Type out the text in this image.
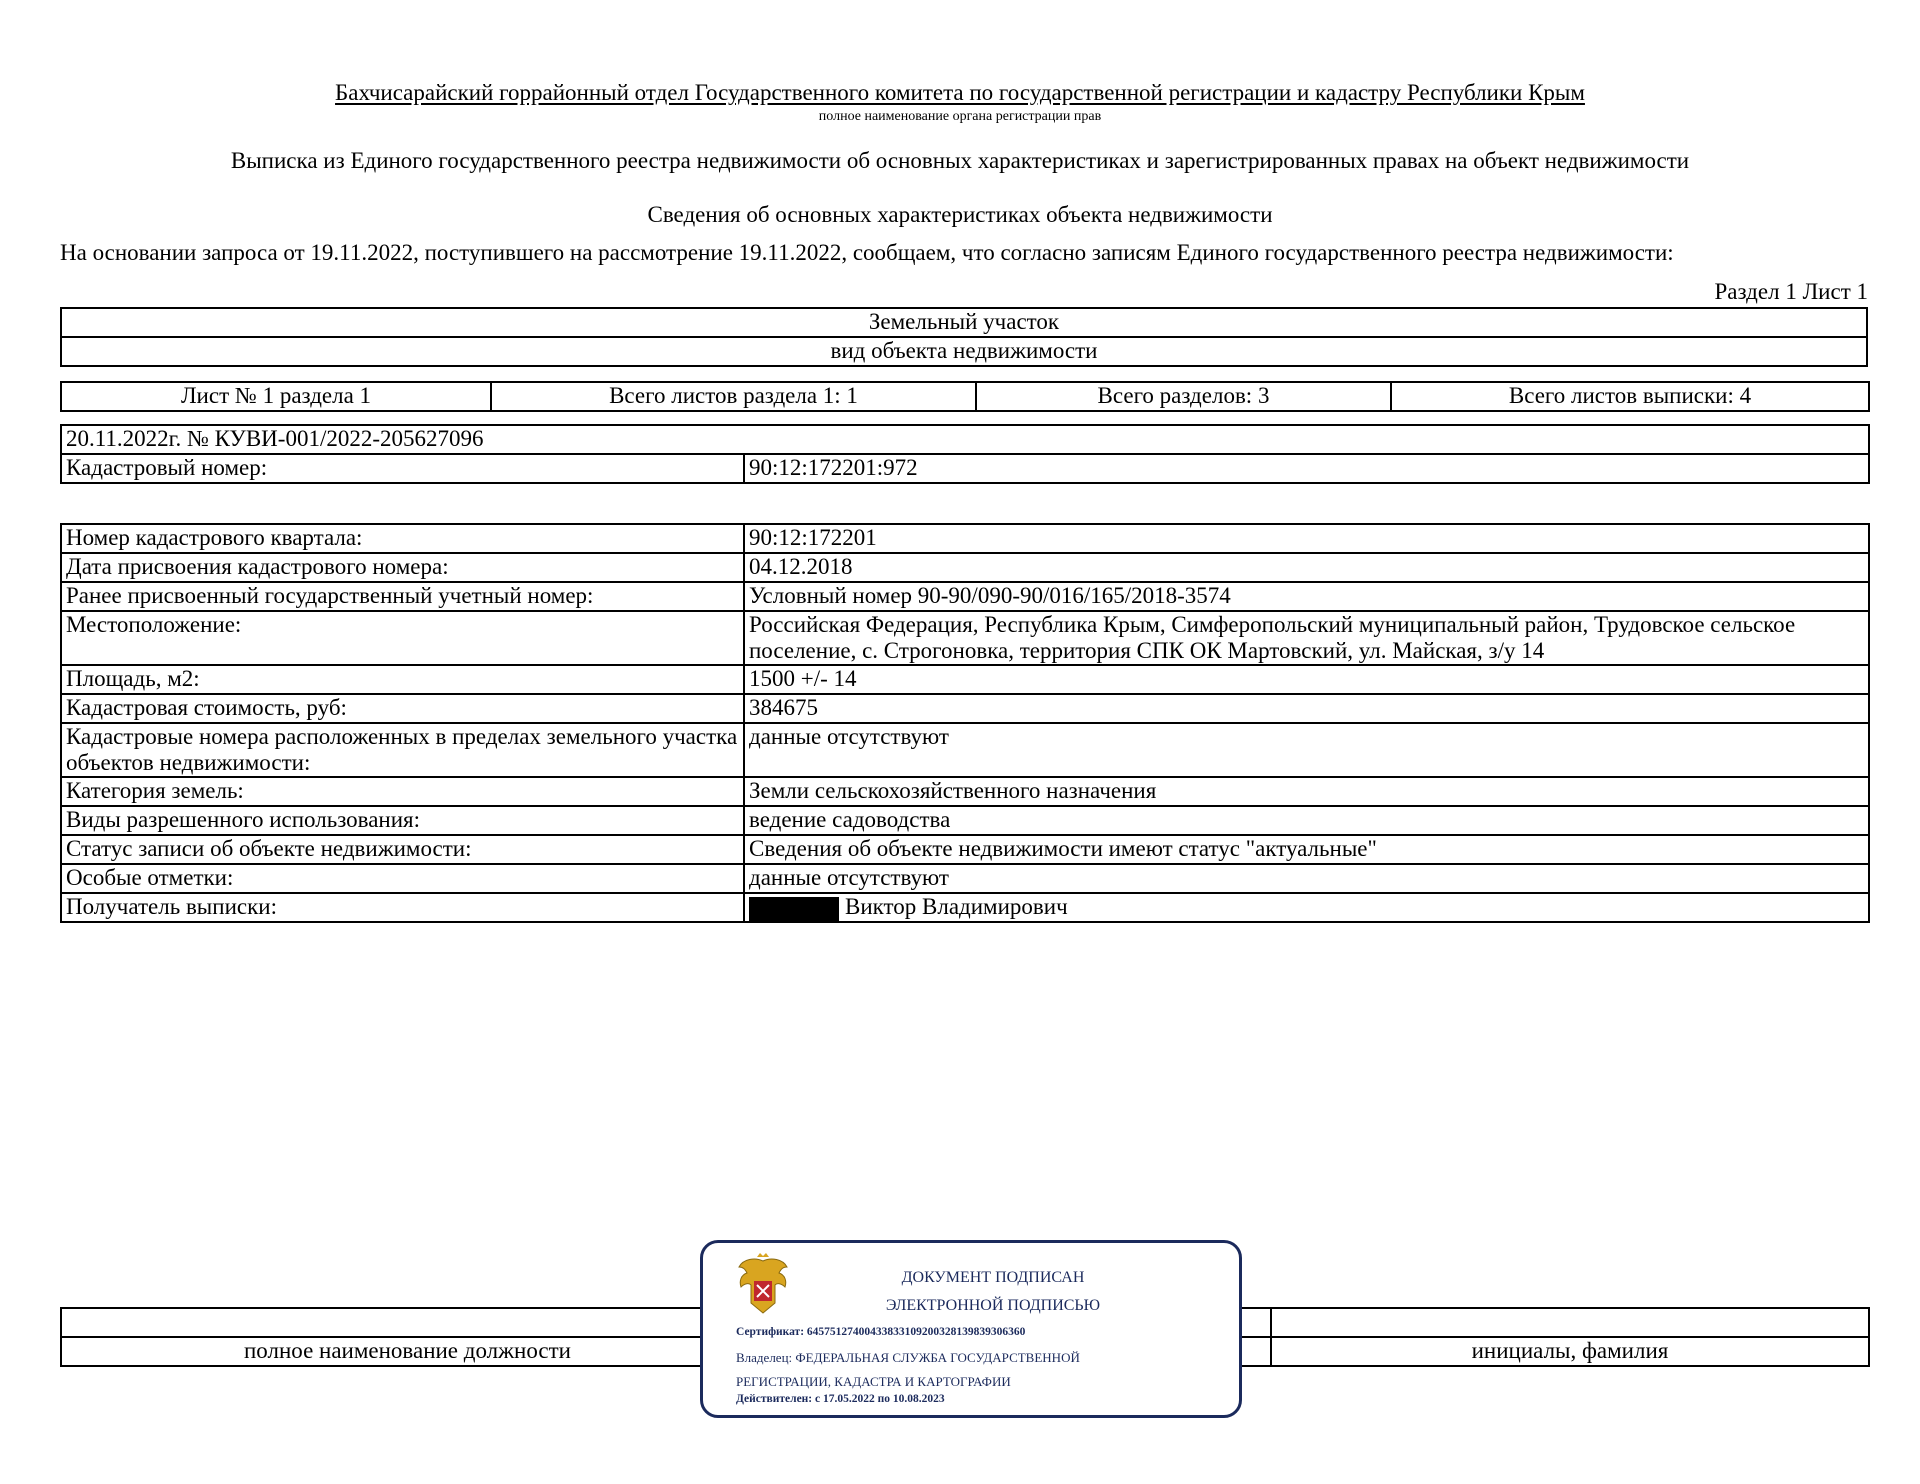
Бахчисарайский горрайонный отдел Государственного комитета по государственной регистрации и кадастру Республики Крым
полное наименование органа регистрации прав
Выписка из Единого государственного реестра недвижимости об основных характеристиках и зарегистрированных правах на объект недвижимости
Сведения об основных характеристиках объекта недвижимости
На основании запроса от 19.11.2022, поступившего на рассмотрение 19.11.2022, сообщаем, что согласно записям Единого государственного реестра недвижимости:
Раздел 1 Лист 1
Земельный участок
вид объекта недвижимости
Лист № 1 раздела 1	Всего листов раздела 1: 1	Всего разделов: 3	Всего листов выписки: 4
20.11.2022г. № КУВИ-001/2022-205627096
Кадастровый номер:	90:12:172201:972
Номер кадастрового квартала:	90:12:172201
Дата присвоения кадастрового номера:	04.12.2018
Ранее присвоенный государственный учетный номер:	Условный номер 90-90/090-90/016/165/2018-3574
Местоположение:	Российская Федерация, Республика Крым, Симферопольский муниципальный район, Трудовское сельское поселение, с. Строгоновка, территория СПК ОК Мартовский, ул. Майская, з/у 14
Площадь, м2:	1500 +/- 14
Кадастровая стоимость, руб:	384675
Кадастровые номера расположенных в пределах земельного участка объектов недвижимости:	данные отсутствуют
Категория земель:	Земли сельскохозяйственного назначения
Виды разрешенного использования:	ведение садоводства
Статус записи об объекте недвижимости:	Сведения об объекте недвижимости имеют статус "актуальные"
Особые отметки:	данные отсутствуют
Получатель выписки:	Виктор Владимирович

полное наименование должности	инициалы, фамилия
ДОКУМЕНТ ПОДПИСАН
ЭЛЕКТРОННОЙ ПОДПИСЬЮ
Сертификат: 645751274004338331092003281398393063​60
Владелец: ФЕДЕРАЛЬНАЯ СЛУЖБА ГОСУДАРСТВЕННОЙ
РЕГИСТРАЦИИ, КАДАСТРА И КАРТОГРАФИИ
Действителен: с 17.05.2022 по 10.08.2023
